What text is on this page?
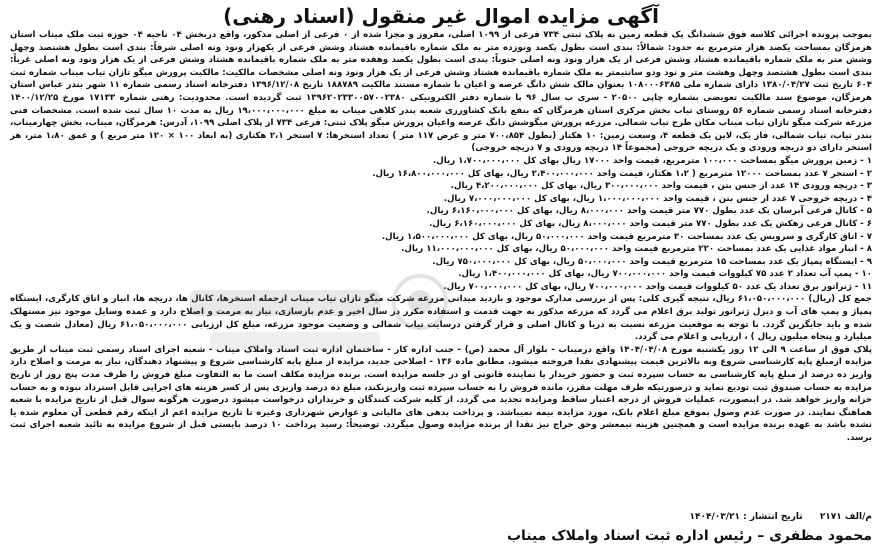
آگهی مزایده اموال غیر منقول (اسناد رهنی)

بموجب پرونده اجرائی کلاسه فوق ششدانگ یک قطعه زمین به پلاک ثبتی ۷۳۴ فرعی از ۱۰۹۹ اصلی، مفروز و مجزا شده از ۰ فرعی از اصلی مذکور، واقع دربخش ۰۴ ناحیه ۰۴ حوزه ثبت ملک میناب استان هرمزگان بمساحت یکصد هزار مترمربع به حدود: شمالاً: بندی است بطول یکصد ونوزده متر به ملک شماره باقیمانده هشتاد وشش فرعی از یکهزار ونود ونه اصلی شرقاً: بندی است بطول هشتصد وچهل وشش متر به ملک شماره باقیمانده هشتاد وشش فرعی از یک هزار ونود ونه اصلی جنوباً: بندی است بطول یکصد وهفده متر به ملک شماره باقیمانده هشتاد وشش فرعی از یک هزار ونود ونه اصلی غرباً: بندی است بطول هشتصد وچهل وهشت متر و نود ودو سانتیمتر به ملک شماره باقیمانده هشتاد وشش فرعی از یک هزار ونود ونه اصلی مشخصات مالکیت: مالکیت پرورش میگو تازان تیاب میناب شماره ثبت ۶۰۴ تاریخ ثبت ۱۳۸۰/۰۴/۲۷ دارای شماره ملی ۱۰۸۰۰۰۶۳۸۵ بعنوان مالک شش دانگ عرصه و اعیان با شماره مستند مالکیت ۱۸۸۷۸۹ تاریخ ۱۳۹۶/۱۲/۰۸ دفترخانه اسناد رسمی شماره ۱۱ شهر بندر عباس استان هرمزگان، موضوع سند مالکیت تعویضی بشماره چاپی ۲۰۵۰۰ - سری ب سال ۹۶ با شماره دفتر الکترونیکی ۱۳۹۶۲۰۲۳۳۰۰۵۷۰۰۲۳۸۰ ثبت گردیده است. محدودیت: رهنی شماره ۱۷۱۳۳ مورخ ۱۴۰۰/۱۲/۲۵ دفترخانه اسناد رسمی شماره ۵۶ روستای تیاب بخش مرکزی استان هرمزگان که بنفع بانک کشاورزی شعبه بندر کلاهی میناب به مبلغ ۱۹،۰۰۰،۰۰۰،۰۰۰ ریال به مدت ۱۰ سال ثبت شده است. مشخصات فنی مزرعه شرکت میگو تازان تیاب میناب مکان طرح تیاب شمالی. مزرعه پرورش میگوشش دانگ عرصه واعیان پرورش میگو پلاک ثبتی: فرعی ۷۳۴ از پلاک اصلی ۱۰۹۹، آدرس: هرمزگان، میناب، بخش چهارمیناب، بندر تیاب، تیاب شمالی، فاز یک، لاین یک قطعه ۴، وسعت زمین: ۱۰ هکتار (بطول ۷۰۰،۸۵۴ متر و عرض ۱۱۷ متر ) تعداد استخرها: ۷ استخر ۲،۱ هکتاری (به ابعاد ۱۰۰ × ۱۲۰ متر مربع ) و عمق ۱،۸۰ متر، هر استخر دارای دو دریچه ورودی و یک دریچه خروجی (مجموعاً ۱۴ دریچه ورودی و ۷ دریچه خروجی)

۱ - زمین پرورش میگو بمساحت ۱۰۰،۰۰۰ مترمربع، قیمت واحد ۱۷۰۰۰ ریال بهای کل ۱،۷۰۰،۰۰۰،۰۰۰ ریال.
۲ - استخر ۷ عدد بمساحت ۱۲۰۰۰ مترمربع ( ۱،۲ هکتار، قیمت واحد ۲،۴۰۰،۰۰۰،۰۰۰ ریال، بهای کل ۱۶،۸۰۰،۰۰۰،۰۰۰ ریال.
۳ - دریچه ورودی ۱۴ عدد از جنس بتن ، قیمت واحد ۳۰۰،۰۰۰،۰۰۰ ریال، بهای کل ۴،۲۰۰،۰۰۰،۰۰۰ ریال.
۴ - دریچه خروجی ۷ عدد از جنس بتن ، قیمت واحد ۱،۰۰۰،۰۰۰،۰۰۰ ریال، بهای کل ۷،۰۰۰،۰۰۰،۰۰۰ ریال.
۵ - کانال فرعی آبرسان یک عدد بطول ۷۷۰ متر قیمت واحد ۸،۰۰۰،۰۰۰ ریال، بهای کل ۶،۱۶۰،۰۰۰،۰۰۰ ریال.
۶ - کانال فرعی زهکش یک عدد بطول ۷۷۰ متر قیمت واحد ۸،۰۰۰،۰۰۰ ریال، بهای کل ۶،۱۶۰،۰۰۰،۰۰۰ ریال.
۷ - اتاق کارگری و سرویس یک عدد بمساحت ۳۰ مترمربع قیمت واحد ۵۰،۰۰۰،۰۰۰ ریال، بهای کل ۱،۵۰۰،۰۰۰،۰۰۰ ریال.
۸ - انبار مواد غذایی یک عدد بمساحت ۲۲۰ مترمربع قیمت واحد ۵۰،۰۰۰،۰۰۰ ریال، بهای کل ۱۱،۰۰۰،۰۰۰،۰۰۰ ریال.
۹ - ایستگاه پمپاژ یک عدد بمساحت ۱۵ مترمربع قیمت واحد ۵۰،۰۰۰،۰۰۰ ریال، بهای کل ۷۵۰،۰۰۰،۰۰۰ ریال.
۱۰ - پمپ آب تعداد ۲ عدد ۷۵ کیلووات قیمت واحد ۷۰۰،۰۰۰،۰۰۰ ریال، بهای کل ۱،۴۰۰،۰۰۰،۰۰۰ ریال.
۱۱ - ژنراتور برق تعداد یک عدد ۵۰ کیلووات قیمت واحد ۷۰۰،۰۰۰،۰۰۰ ریال، بهای کل ۷۰۰،۰۰۰،۰۰۰ ریال.

جمع کل (ریال) ۶۱،۰۵۰،۰۰۰،۰۰۰ ریال، نتیجه گیری کلی: پس از بررسی مدارک موجود و بازدید میدانی مزرعه شرکت میگو تازان تیاب میناب ازجمله استخرها، کانال ها، دریچه ها، انبار و اتاق کارگری، ایستگاه پمپاژ و پمپ های آب و دیزل ژنراتور تولید برق اعلام می گردد که مزرعه مذکور به جهت قدمت و استفاده مکرر در سال اخیر و عدم بازسازی، نیاز به مرمت و اصلاح دارد و عمده وسایل موجود نیز مستهلک شده و باید جایگزین گردد. با توجه به موقعیت مزرعه نسبت به دریا و کانال اصلی و قرار گرفتن درسایت تیاب شمالی و وضعیت موجود مزرعه، مبلغ کل ارزیابی ۶۱،۰۵۰،۰۰۰،۰۰۰ ریال (معادل شصت و یک میلیارد و پنجاه میلیون ریال ) ، ارزیابی و اعلام می گردد.

پلاک فوق از ساعت ۹ الی ۱۲ روز یکشنبه مورخ ۱۴۰۴/۰۴/۰۸ واقع درمیناب - بلوار آل محمد (ص) - جنب اداره کار - ساختمان اداره ثبت اسناد واملاک میناب - شعبه اجرای اسناد رسمی ثبت میناب از طریق مزایده ازمبلغ پایه کارشناسی شروع وبه بالاترین قیمت پیشنهادی نقدا فروخته میشود. مطابق ماده ۱۳۶ - اصلاحی جدید، مزایده از مبلغ پایه کارشناسی شروع و پیشنهاد دهندگان، نیاز به مرمت و اصلاح دارد واریز ده درصد از مبلغ پایه کارشناسی به حساب سپرده ثبت و حضور خریدار یا نماینده قانونی او در جلسه مزایده است. برنده مزایده مکلف است ما به التفاوت مبلغ فروش را ظرف مدت پنج روز از تاریخ مزایده به حساب صندوق ثبت تودیع نماید و درصورتیکه ظرف مهلت مقرر، مانده فروش را به حساب سپرده ثبت واریزنکند، مبلغ ده درصد واریزی پس از کسر هزینه های اجرایی قابل استرداد نبوده و به حساب خزانه واریز خواهد شد. در اینصورت، عملیات فروش از درجه اعتبار ساقط ومزایده تجدید می گردد. از کلیه شرکت کنندگان و خریداران درخواست میشود درصورت هرگونه سوال قبل از تاریخ مزایده با شعبه هماهنگ نمایند. در صورت عدم وصول بموقع مبلغ اعلام بانک، مورد مزایده بیمه نمیباشد. و پرداخت بدهی های مالیاتی و عوارض شهرداری وغیره تا تاریخ مزایده اعم از اینکه رقم قطعی آن معلوم شده یا نشده باشد به عهده برنده مزایده است و همچنین هزینه نیمعشر وحق حراج نیز نقدا از برنده مزایده وصول میگردد. توضیحاً: رسید پرداخت ۱۰ درصد بایستی قبل از شروع مزایده به تائید شعبه اجرای ثبت برسد.

م/الف ۲۱۷۱ تاریخ انتشار : ۱۴۰۴/۰۳/۲۱
محمود مظفری – رئیس اداره ثبت اسناد واملاک میناب
